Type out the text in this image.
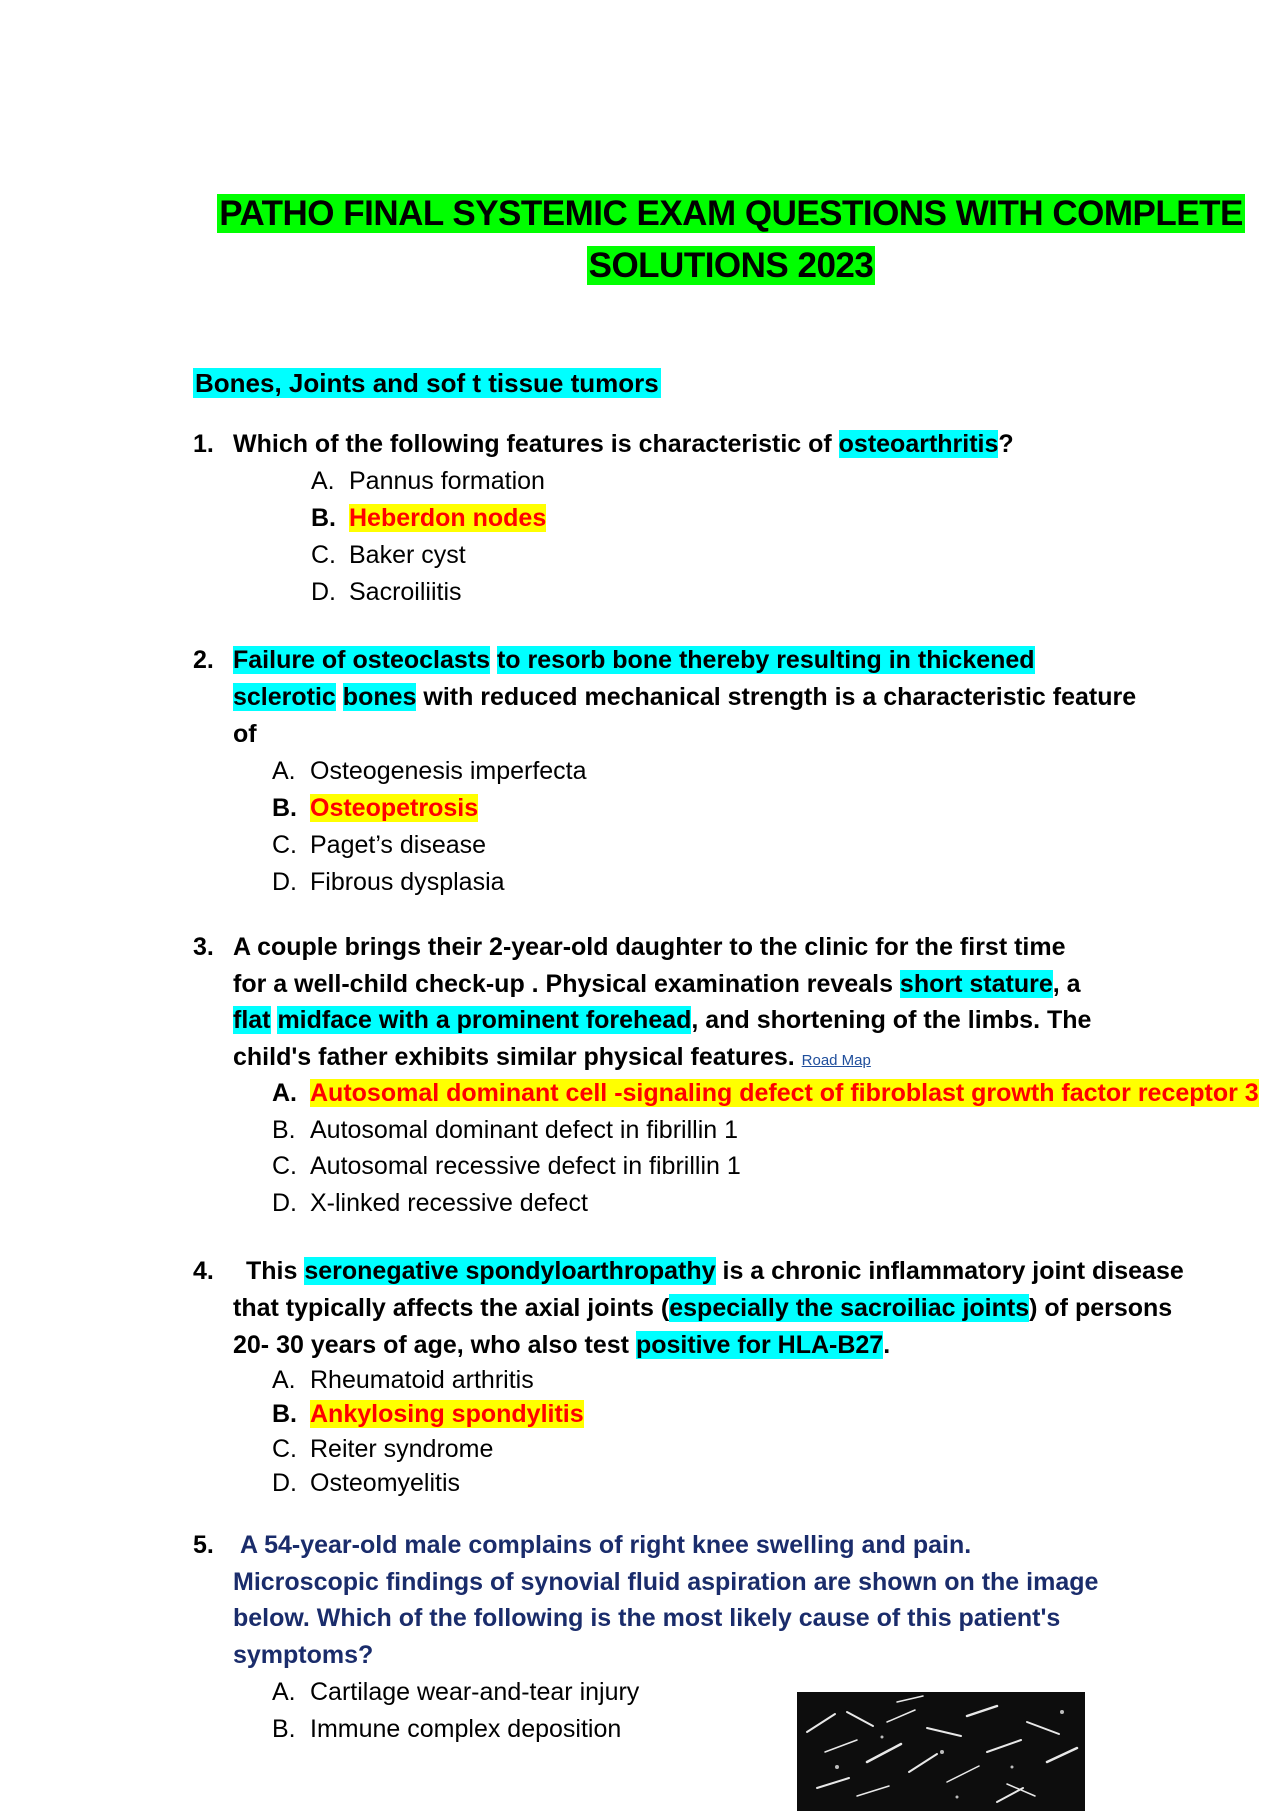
PATHO FINAL SYSTEMIC EXAM QUESTIONS WITH COMPLETE
SOLUTIONS 2023
Bones, Joints and sof t tissue tumors
1. Which of the following features is characteristic of osteoarthritis?
A. Pannus formation
B. Heberdon nodes
C. Baker cyst
D. Sacroiliitis
2. Failure of osteoclasts to resorb bone thereby resulting in thickened
sclerotic bones with reduced mechanical strength is a characteristic feature
of
A. Osteogenesis imperfecta
B. Osteopetrosis
C. Paget’s disease
D. Fibrous dysplasia
3. A couple brings their 2-year-old daughter to the clinic for the first time
for a well-child check-up . Physical examination reveals short stature, a
flat midface with a prominent forehead, and shortening of the limbs. The
child's father exhibits similar physical features. Road Map
A. Autosomal dominant cell -signaling defect of fibroblast growth factor receptor 3
B. Autosomal dominant defect in fibrillin 1
C. Autosomal recessive defect in fibrillin 1
D. X-linked recessive defect
4. This seronegative spondyloarthropathy is a chronic inflammatory joint disease
that typically affects the axial joints (especially the sacroiliac joints) of persons
20- 30 years of age, who also test positive for HLA-B27.
A. Rheumatoid arthritis
B. Ankylosing spondylitis
C. Reiter syndrome
D. Osteomyelitis
5. A 54-year-old male complains of right knee swelling and pain.
Microscopic findings of synovial fluid aspiration are shown on the image
below. Which of the following is the most likely cause of this patient's
symptoms?
A. Cartilage wear-and-tear injury
B. Immune complex deposition
